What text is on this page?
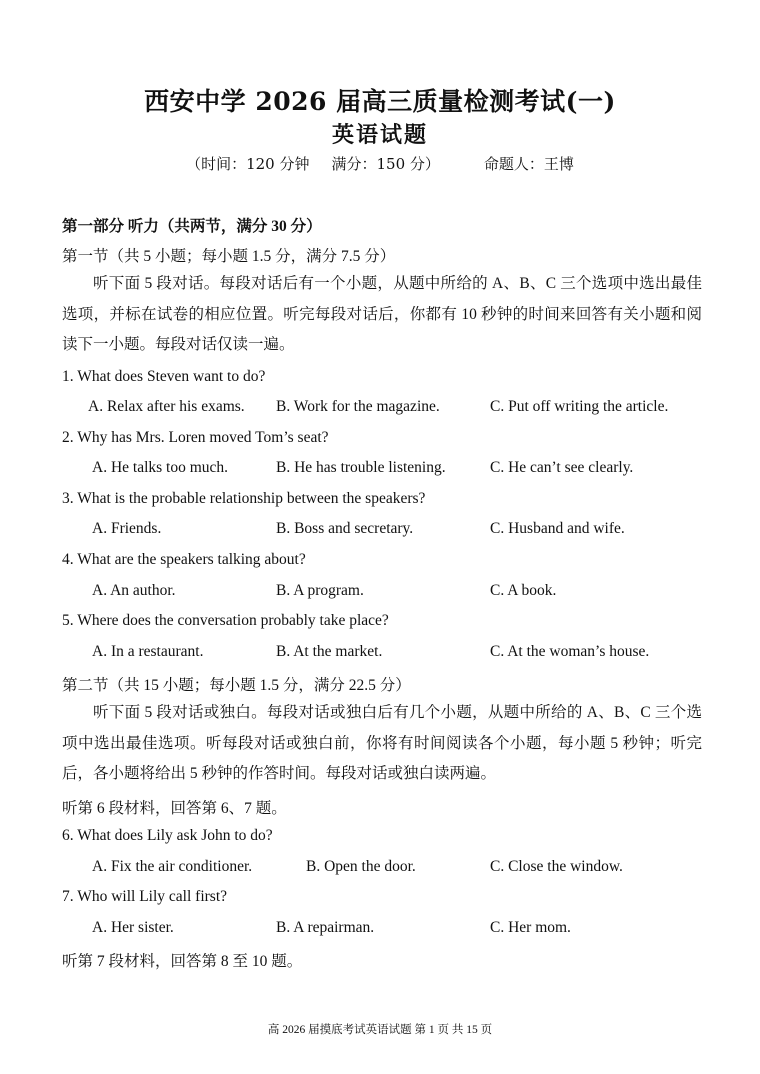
西安中学 2026 届高三质量检测考试(一)
英语试题
（时间：120 分钟 满分：150 分）	命题人：王博
第一部分 听力（共两节，满分 30 分）
第一节（共 5 小题；每小题 1.5 分，满分 7.5 分）
听下面 5 段对话。每段对话后有一个小题，从题中所给的 A、B、C 三个选项中选出最佳选项，并标在试卷的相应位置。听完每段对话后，你都有 10 秒钟的时间来回答有关小题和阅读下一小题。每段对话仅读一遍。
1. What does Steven want to do?
A. Relax after his exams. B. Work for the magazine.	C. Put off writing the article.
2. Why has Mrs. Loren moved Tom’s seat?
A. He talks too much.	B. He has trouble listening.	C. He can’t see clearly.
3. What is the probable relationship between the speakers?
A. Friends.	B. Boss and secretary.	C. Husband and wife.
4. What are the speakers talking about?
A. An author.	B. A program.	C. A book.
5. Where does the conversation probably take place?
A. In a restaurant.	B. At the market.	C. At the woman’s house.
第二节（共 15 小题；每小题 1.5 分，满分 22.5 分）
听下面 5 段对话或独白。每段对话或独白后有几个小题，从题中所给的 A、B、C 三个选项中选出最佳选项。听每段对话或独白前，你将有时间阅读各个小题，每小题 5 秒钟；听完后，各小题将给出 5 秒钟的作答时间。每段对话或独白读两遍。
听第 6 段材料，回答第 6、7 题。
6. What does Lily ask John to do?
A. Fix the air conditioner.	B. Open the door.	C. Close the window.
7. Who will Lily call first?
A. Her sister.	B. A repairman.	C. Her mom.
听第 7 段材料，回答第 8 至 10 题。
高 2026 届摸底考试英语试题 第 1 页 共 15 页
